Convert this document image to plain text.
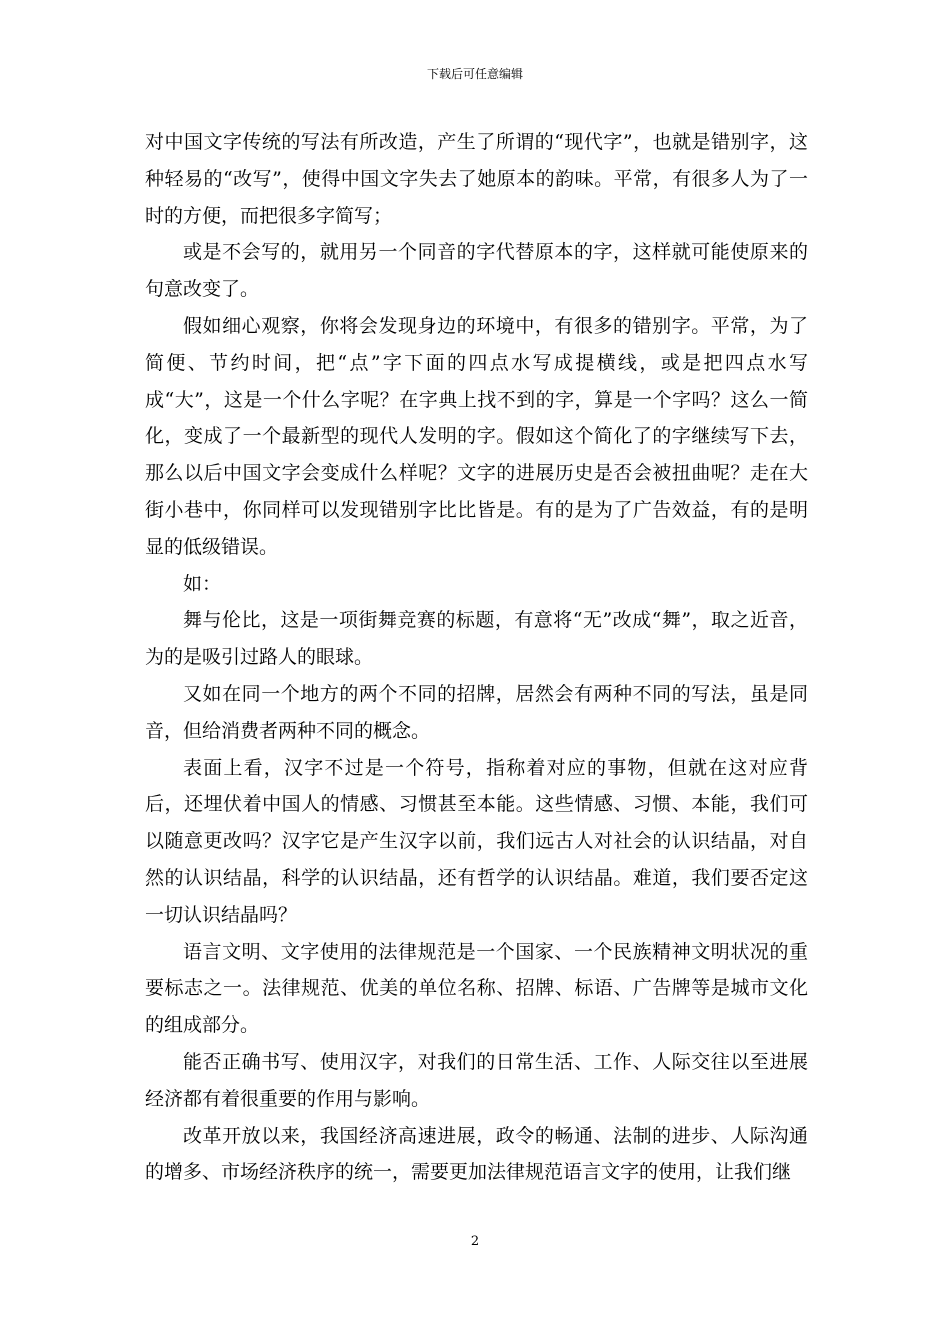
下载后可任意编辑

对中国文字传统的写法有所改造，产生了所谓的“现代字”，也就是错别字，这种轻易的“改写”，使得中国文字失去了她原本的韵味。平常，有很多人为了一时的方便，而把很多字简写；

或是不会写的，就用另一个同音的字代替原本的字，这样就可能使原来的句意改变了。

假如细心观察，你将会发现身边的环境中，有很多的错别字。平常，为了简便、节约时间，把“点”字下面的四点水写成提横线，或是把四点水写成“大”，这是一个什么字呢？在字典上找不到的字，算是一个字吗？这么一简化，变成了一个最新型的现代人发明的字。假如这个简化了的字继续写下去，那么以后中国文字会变成什么样呢？文字的进展历史是否会被扭曲呢？走在大街小巷中，你同样可以发现错别字比比皆是。有的是为了广告效益，有的是明显的低级错误。

如：

舞与伦比，这是一项街舞竞赛的标题，有意将“无”改成“舞”，取之近音，为的是吸引过路人的眼球。

又如在同一个地方的两个不同的招牌，居然会有两种不同的写法，虽是同音，但给消费者两种不同的概念。

表面上看，汉字不过是一个符号，指称着对应的事物，但就在这对应背后，还埋伏着中国人的情感、习惯甚至本能。这些情感、习惯、本能，我们可以随意更改吗？汉字它是产生汉字以前，我们远古人对社会的认识结晶，对自然的认识结晶，科学的认识结晶，还有哲学的认识结晶。难道，我们要否定这一切认识结晶吗？

语言文明、文字使用的法律规范是一个国家、一个民族精神文明状况的重要标志之一。法律规范、优美的单位名称、招牌、标语、广告牌等是城市文化的组成部分。

能否正确书写、使用汉字，对我们的日常生活、工作、人际交往以至进展经济都有着很重要的作用与影响。

改革开放以来，我国经济高速进展，政令的畅通、法制的进步、人际沟通的增多、市场经济秩序的统一，需要更加法律规范语言文字的使用，让我们继

2
